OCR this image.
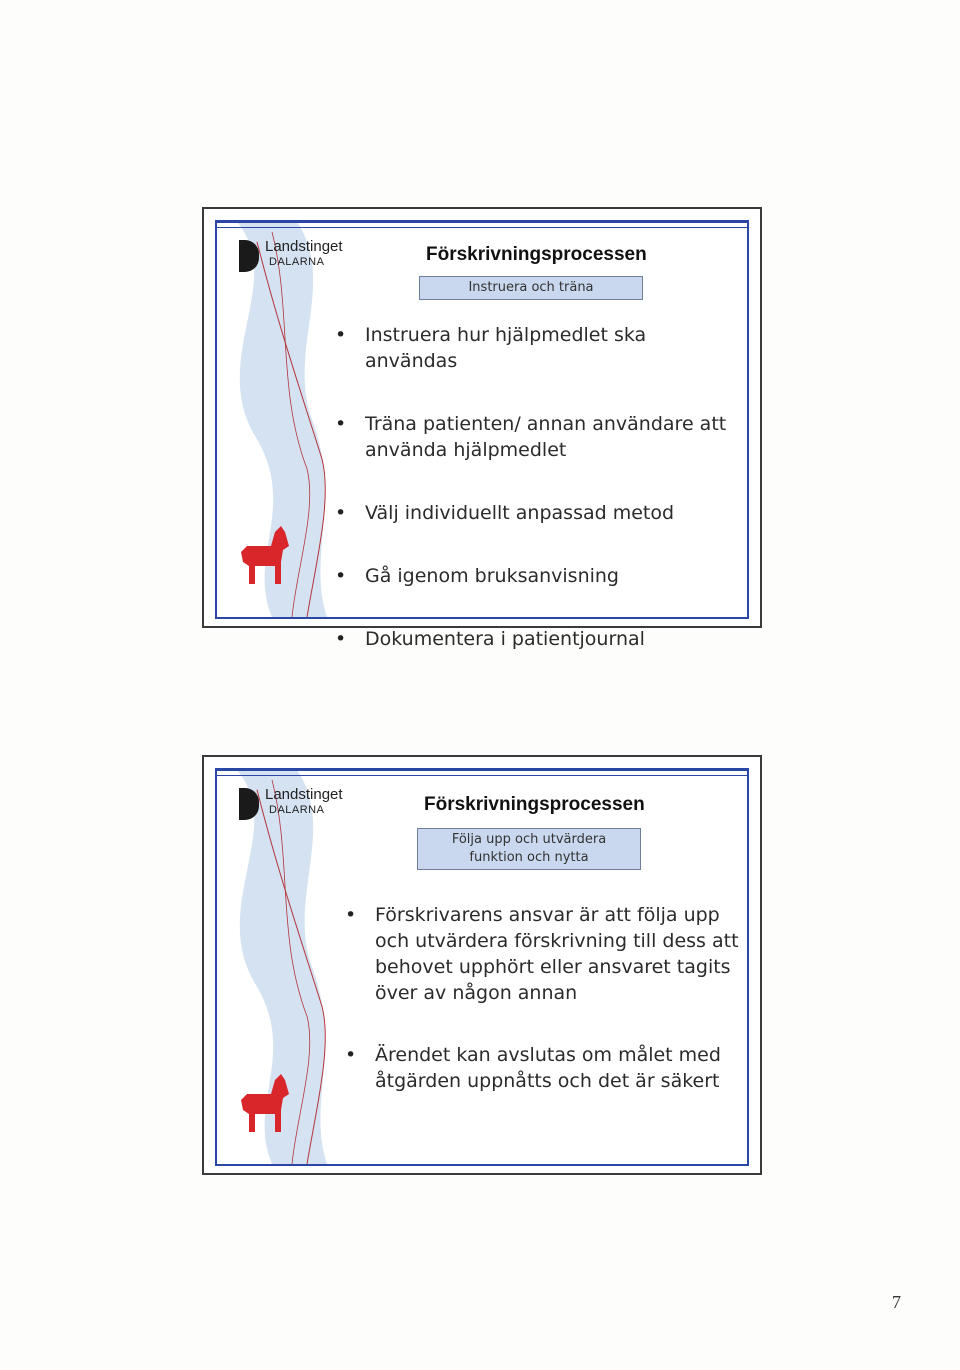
Landstinget
DALARNA	Förskrivningsprocessen
Instruera och träna
• Instruera hur hjälpmedlet ska användas
• Träna patienten/ annan användare att använda hjälpmedlet
• Välj individuellt anpassad metod
• Gå igenom bruksanvisning
• Dokumentera i patientjournal
Landstinget
DALARNA	Förskrivningsprocessen
Följa upp och utvärdera funktion och nytta
• Förskrivarens ansvar är att följa upp och utvärdera förskrivning till dess att behovet upphört eller ansvaret tagits över av någon annan
• Ärendet kan avslutas om målet med åtgärden uppnåtts och det är säkert
7
